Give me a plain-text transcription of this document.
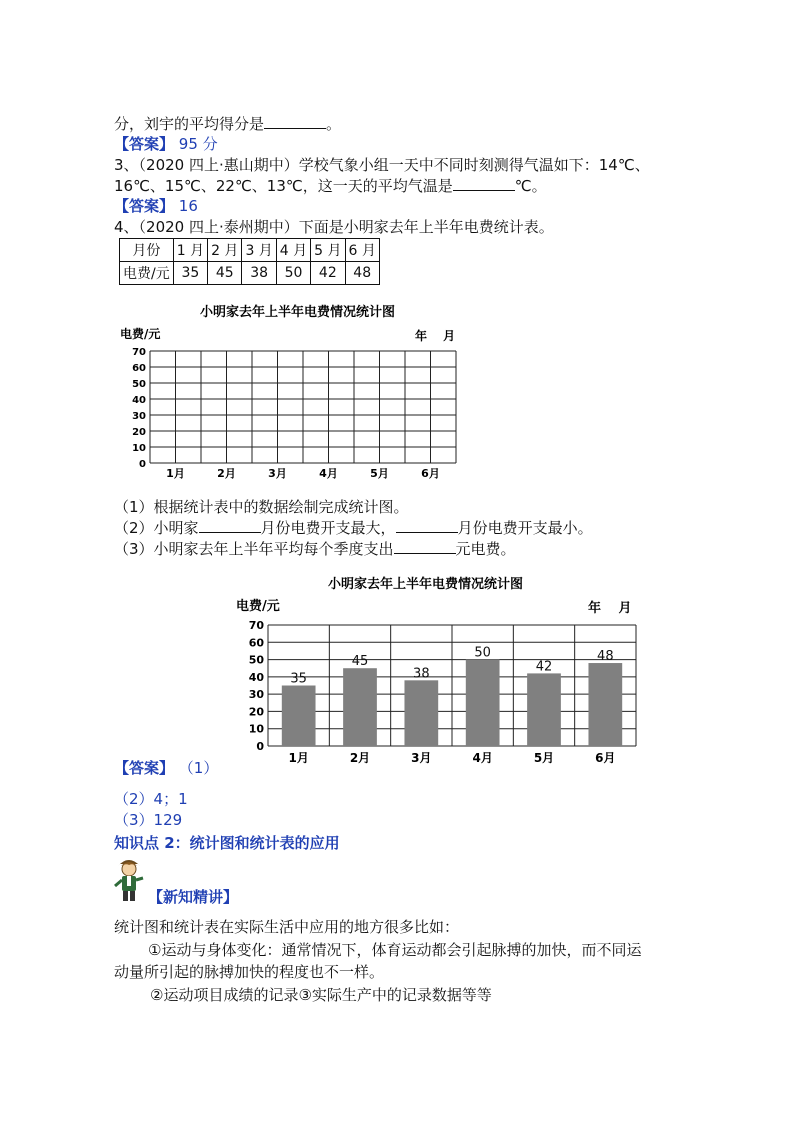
分，刘宇的平均得分是	。
【答案】 95 分
3、（2020 四上·惠山期中）学校气象小组一天中不同时刻测得气温如下：14℃、
16℃、15℃、22℃、13℃，这一天的平均气温是	℃。
【答案】 16
4、（2020 四上·泰州期中）下面是小明家去年上半年电费统计表。
月份	1 月	2 月	3 月	4 月	5 月	6 月
电费/元	35	45	38	50	42	48
小明家去年上半年电费情况统计图
电费/元	年　 月
70
60
50
40
30
20
10
0
1月	2月	3月	4月	5月	6月
（1）根据统计表中的数据绘制完成统计图。
（2）小明家	月份电费开支最大，	月份电费开支最小。
（3）小明家去年上半年平均每个季度支出	元电费。
小明家去年上半年电费情况统计图
电费/元	年　 月
0
10
20
30
40
50
60
70
35
45
38
50
42
48
1月	2月	3月	4月	5月	6月
【答案】 （1）
（2）4；1
（3）129
知识点 2：统计图和统计表的应用
【新知精讲】
统计图和统计表在实际生活中应用的地方很多比如：
①运动与身体变化：通常情况下，体育运动都会引起脉搏的加快，而不同运
动量所引起的脉搏加快的程度也不一样。
②运动项目成绩的记录③实际生产中的记录数据等等
